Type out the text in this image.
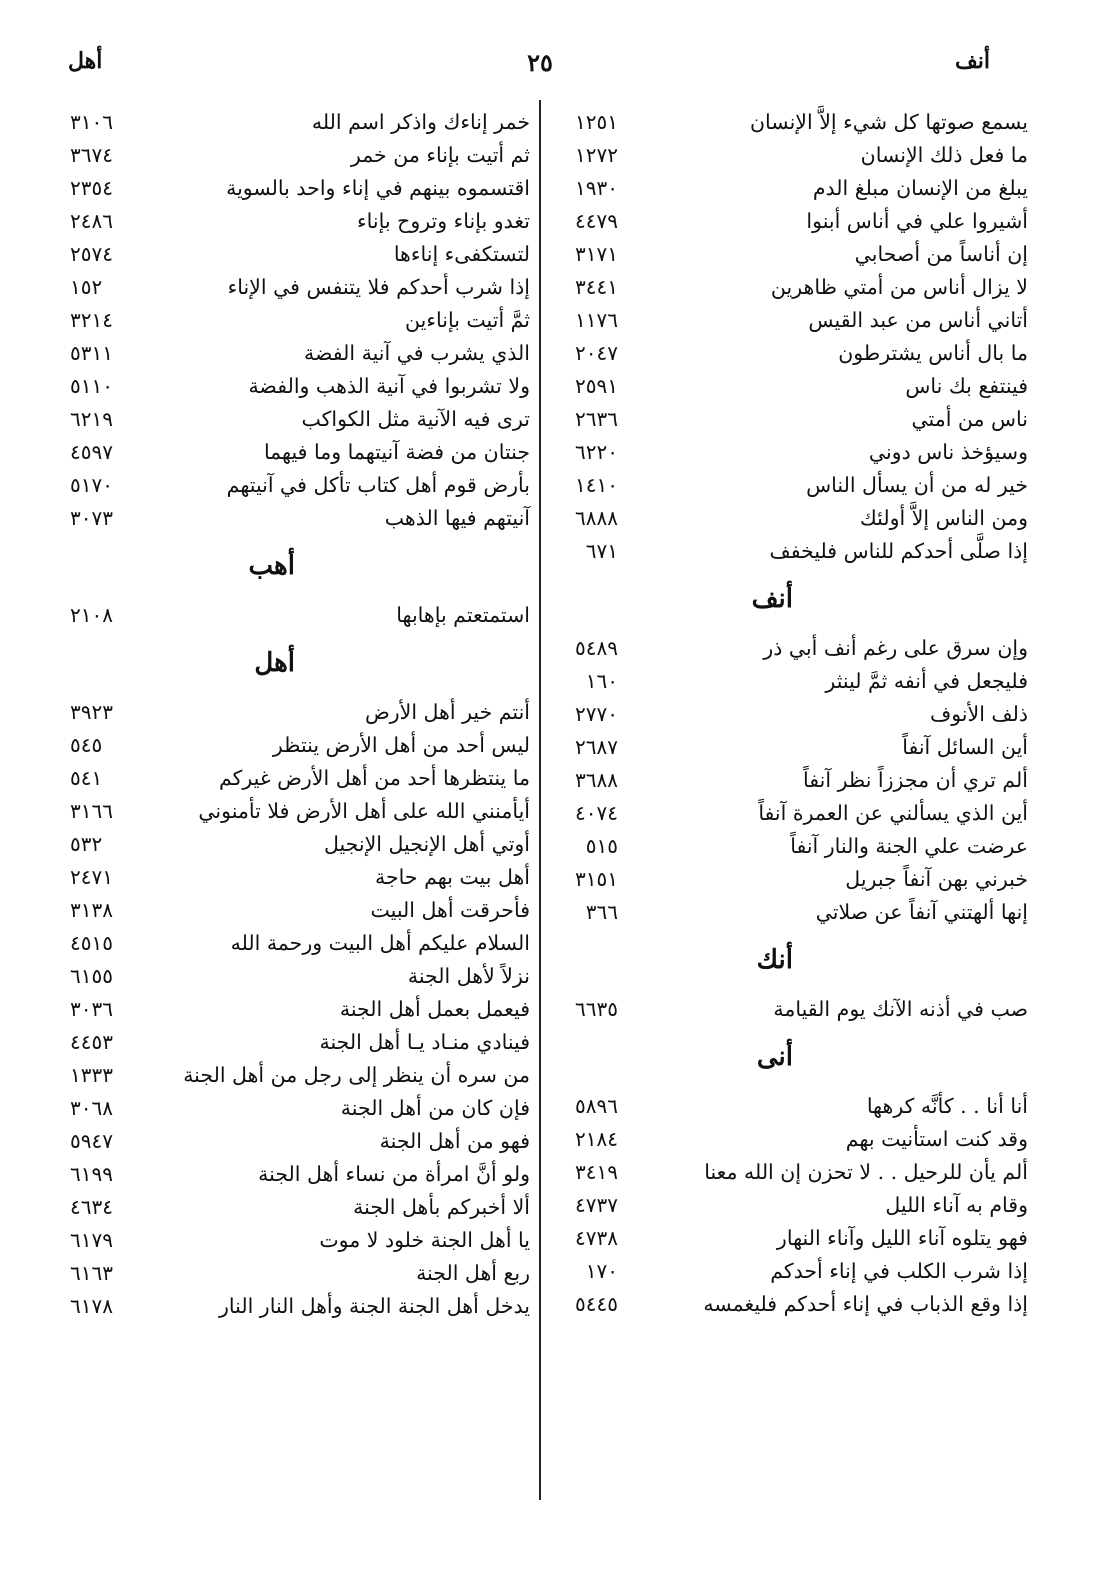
أنف
٢٥
أهل
يسمع صوتها كل شيء إلاَّ الإنسان
١٢٥١
ما فعل ذلك الإنسان
١٢٧٢
يبلغ من الإنسان مبلغ الدم
١٩٣٠
أشيروا علي في أناس أبنوا
٤٤٧٩
إن أناساً من أصحابي
٣١٧١
لا يزال أناس من أمتي ظاهرين
٣٤٤١
أتاني أناس من عبد القيس
١١٧٦
ما بال أناس يشترطون
٢٠٤٧
فينتفع بك ناس
٢٥٩١
ناس من أمتي
٢٦٣٦
وسيؤخذ ناس دوني
٦٢٢٠
خير له من أن يسأل الناس
١٤١٠
ومن الناس إلاَّ أولئك
٦٨٨٨
إذا صلَّى أحدكم للناس فليخفف
٦٧١
أنف
وإن سرق على رغم أنف أبي ذر
٥٤٨٩
فليجعل في أنفه ثمَّ لينثر
١٦٠
ذلف الأنوف
٢٧٧٠
أين السائل آنفاً
٢٦٨٧
ألم تري أن مجززاً نظر آنفاً
٣٦٨٨
أين الذي يسألني عن العمرة آنفاً
٤٠٧٤
عرضت علي الجنة والنار آنفاً
٥١٥
خبرني بهن آنفاً جبريل
٣١٥١
إنها ألهتني آنفاً عن صلاتي
٣٦٦
أنك
صب في أذنه الآنك يوم القيامة
٦٦٣٥
أنى
أنا أنا . . كأنَّه كرهها
٥٨٩٦
وقد كنت استأنيت بهم
٢١٨٤
ألم يأن للرحيل . . لا تحزن إن الله معنا
٣٤١٩
وقام به آناء الليل
٤٧٣٧
فهو يتلوه آناء الليل وآناء النهار
٤٧٣٨
إذا شرب الكلب في إناء أحدكم
١٧٠
إذا وقع الذباب في إناء أحدكم فليغمسه
٥٤٤٥
خمر إناءك واذكر اسم الله
٣١٠٦
ثم أتيت بإناء من خمر
٣٦٧٤
اقتسموه بينهم في إناء واحد بالسوية
٢٣٥٤
تغدو بإناء وتروح بإناء
٢٤٨٦
لتستكفىء إناءها
٢٥٧٤
إذا شرب أحدكم فلا يتنفس في الإناء
١٥٢
ثمَّ أتيت بإناءين
٣٢١٤
الذي يشرب في آنية الفضة
٥٣١١
ولا تشربوا في آنية الذهب والفضة
٥١١٠
ترى فيه الآنية مثل الكواكب
٦٢١٩
جنتان من فضة آنيتهما وما فيهما
٤٥٩٧
بأرض قوم أهل كتاب تأكل في آنيتهم
٥١٧٠
آنيتهم فيها الذهب
٣٠٧٣
أهب
استمتعتم بإهابها
٢١٠٨
أهل
أنتم خير أهل الأرض
٣٩٢٣
ليس أحد من أهل الأرض ينتظر
٥٤٥
ما ينتظرها أحد من أهل الأرض غيركم
٥٤١
أيأمنني الله على أهل الأرض فلا تأمنوني
٣١٦٦
أوتي أهل الإنجيل الإنجيل
٥٣٢
أهل بيت بهم حاجة
٢٤٧١
فأحرقت أهل البيت
٣١٣٨
السلام عليكم أهل البيت ورحمة الله
٤٥١٥
نزلاً لأهل الجنة
٦١٥٥
فيعمل بعمل أهل الجنة
٣٠٣٦
فينادي منـاد يـا أهل الجنة
٤٤٥٣
من سره أن ينظر إلى رجل من أهل الجنة
١٣٣٣
فإن كان من أهل الجنة
٣٠٦٨
فهو من أهل الجنة
٥٩٤٧
ولو أنَّ امرأة من نساء أهل الجنة
٦١٩٩
ألا أخبركم بأهل الجنة
٤٦٣٤
يا أهل الجنة خلود لا موت
٦١٧٩
ربع أهل الجنة
٦١٦٣
يدخل أهل الجنة الجنة وأهل النار النار
٦١٧٨
